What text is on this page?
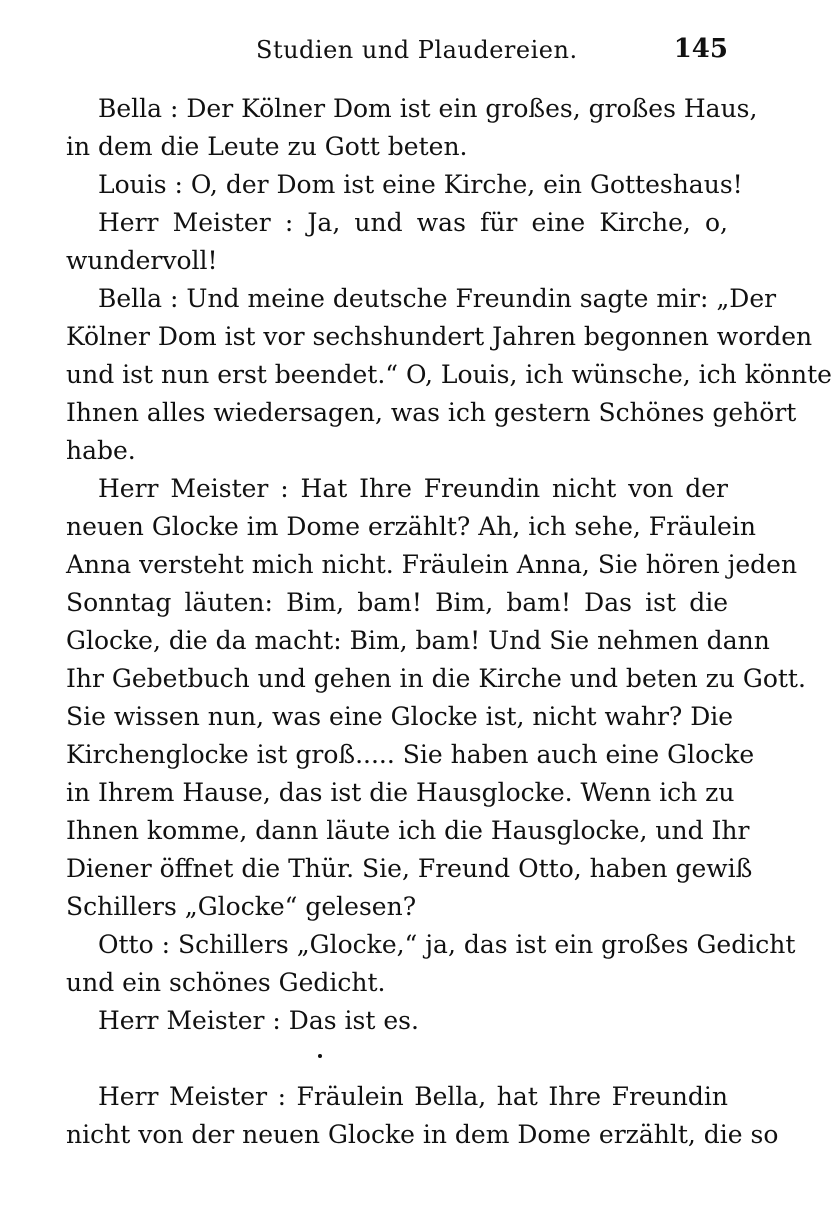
Studien und Plaudereien.	145
Bella : Der Kölner Dom ist ein großes, großes Haus,
in dem die Leute zu Gott beten.
Louis : O, der Dom ist eine Kirche, ein Gotteshaus!
Herr Meister : Ja, und was für eine Kirche, o,
wundervoll!
Bella : Und meine deutsche Freundin sagte mir: „Der
Kölner Dom ist vor sechshundert Jahren begonnen worden
und ist nun erst beendet.“ O, Louis, ich wünsche, ich könnte
Ihnen alles wiedersagen, was ich gestern Schönes gehört
habe.
Herr Meister : Hat Ihre Freundin nicht von der
neuen Glocke im Dome erzählt? Ah, ich sehe, Fräulein
Anna versteht mich nicht. Fräulein Anna, Sie hören jeden
Sonntag läuten: Bim, bam! Bim, bam! Das ist die
Glocke, die da macht: Bim, bam! Und Sie nehmen dann
Ihr Gebetbuch und gehen in die Kirche und beten zu Gott.
Sie wissen nun, was eine Glocke ist, nicht wahr? Die
Kirchenglocke ist groß..... Sie haben auch eine Glocke
in Ihrem Hause, das ist die Hausglocke. Wenn ich zu
Ihnen komme, dann läute ich die Hausglocke, und Ihr
Diener öffnet die Thür. Sie, Freund Otto, haben gewiß
Schillers „Glocke“ gelesen?
Otto : Schillers „Glocke,“ ja, das ist ein großes Gedicht
und ein schönes Gedicht.
Herr Meister : Das ist es.
Herr Meister : Fräulein Bella, hat Ihre Freundin
nicht von der neuen Glocke in dem Dome erzählt, die so
